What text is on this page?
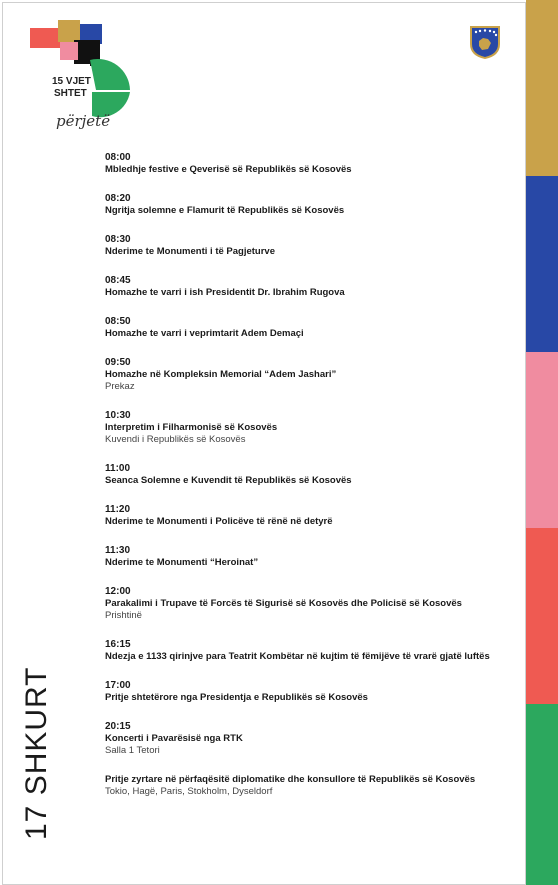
15 VJET
SHTET
përjetë
08:00
Mbledhje festive e Qeverisë së Republikës së Kosovës
08:20
Ngritja solemne e Flamurit të Republikës së Kosovës
08:30
Nderime te Monumenti i të Pagjeturve
08:45
Homazhe te varri i ish Presidentit Dr. Ibrahim Rugova
08:50
Homazhe te varri i veprimtarit Adem Demaçi
09:50
Homazhe në Kompleksin Memorial “Adem Jashari”
Prekaz
10:30
Interpretim i Filharmonisë së Kosovës
Kuvendi i Republikës së Kosovës
11:00
Seanca Solemne e Kuvendit të Republikës së Kosovës
11:20
Nderime te Monumenti i Policëve të rënë në detyrë
11:30
Nderime te Monumenti “Heroinat”
12:00
Parakalimi i Trupave të Forcës të Sigurisë së Kosovës dhe Policisë së Kosovës
Prishtinë
16:15
Ndezja e 1133 qirinjve para Teatrit Kombëtar në kujtim të fëmijëve të vrarë gjatë luftës
17:00
Pritje shtetërore nga Presidentja e Republikës së Kosovës
20:15
Koncerti i Pavarësisë nga RTK
Salla 1 Tetori
Pritje zyrtare në përfaqësitë diplomatike dhe konsullore të Republikës së Kosovës
Tokio, Hagë, Paris, Stokholm, Dyseldorf
17 SHKURT
